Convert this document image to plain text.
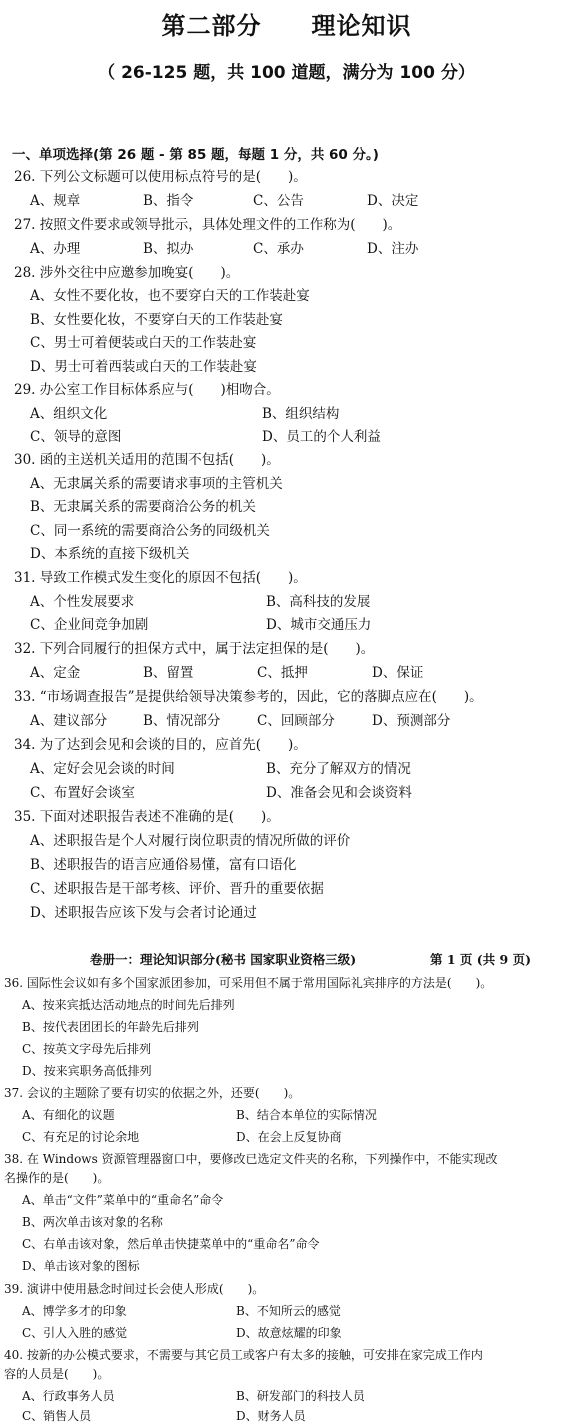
第二部分　　理论知识
（ 26-125 题，共 100 道题，满分为 100 分）
一、单项选择(第 26 题 - 第 85 题，每题 1 分，共 60 分。)
26. 下列公文标题可以使用标点符号的是(　　)。
A、规章	B、指令	C、公告	D、决定
27. 按照文件要求或领导批示，具体处理文件的工作称为(　　)。
A、办理	B、拟办	C、承办	D、注办
28. 涉外交往中应邀参加晚宴(　　)。
A、女性不要化妆，也不要穿白天的工作装赴宴
B、女性要化妆，不要穿白天的工作装赴宴
C、男士可着便装或白天的工作装赴宴
D、男士可着西装或白天的工作装赴宴
29. 办公室工作目标体系应与(　　)相吻合。
A、组织文化	B、组织结构
C、领导的意图	D、员工的个人利益
30. 函的主送机关适用的范围不包括(　　)。
A、无隶属关系的需要请求事项的主管机关
B、无隶属关系的需要商洽公务的机关
C、同一系统的需要商洽公务的同级机关
D、本系统的直接下级机关
31. 导致工作模式发生变化的原因不包括(　　)。
A、个性发展要求	B、高科技的发展
C、企业间竞争加剧	D、城市交通压力
32. 下列合同履行的担保方式中，属于法定担保的是(　　)。
A、定金	B、留置	C、抵押	D、保证
33. “市场调查报告”是提供给领导决策参考的，因此，它的落脚点应在(　　)。
A、建议部分	B、情况部分	C、回顾部分	D、预测部分
34. 为了达到会见和会谈的目的，应首先(　　)。
A、定好会见会谈的时间	B、充分了解双方的情况
C、布置好会谈室	D、准备会见和会谈资料
35. 下面对述职报告表述不准确的是(　　)。
A、述职报告是个人对履行岗位职责的情况所做的评价
B、述职报告的语言应通俗易懂，富有口语化
C、述职报告是干部考核、评价、晋升的重要依据
D、述职报告应该下发与会者讨论通过
卷册一：理论知识部分(秘书 国家职业资格三级)	第 1 页 (共 9 页)
36. 国际性会议如有多个国家派团参加，可采用但不属于常用国际礼宾排序的方法是(　　)。
A、按来宾抵达活动地点的时间先后排列
B、按代表团团长的年龄先后排列
C、按英文字母先后排列
D、按来宾职务高低排列
37. 会议的主题除了要有切实的依据之外，还要(　　)。
A、有细化的议题	B、结合本单位的实际情况
C、有充足的讨论余地	D、在会上反复协商
38. 在 Windows 资源管理器窗口中，要修改已选定文件夹的名称，下列操作中，不能实现改
名操作的是(　　)。
A、单击“文件”菜单中的“重命名”命令
B、两次单击该对象的名称
C、右单击该对象，然后单击快捷菜单中的“重命名”命令
D、单击该对象的图标
39. 演讲中使用悬念时间过长会使人形成(　　)。
A、博学多才的印象	B、不知所云的感觉
C、引人入胜的感觉	D、故意炫耀的印象
40. 按新的办公模式要求，不需要与其它员工或客户有太多的接触，可安排在家完成工作内
容的人员是(　　)。
A、行政事务人员	B、研发部门的科技人员
C、销售人员	D、财务人员
